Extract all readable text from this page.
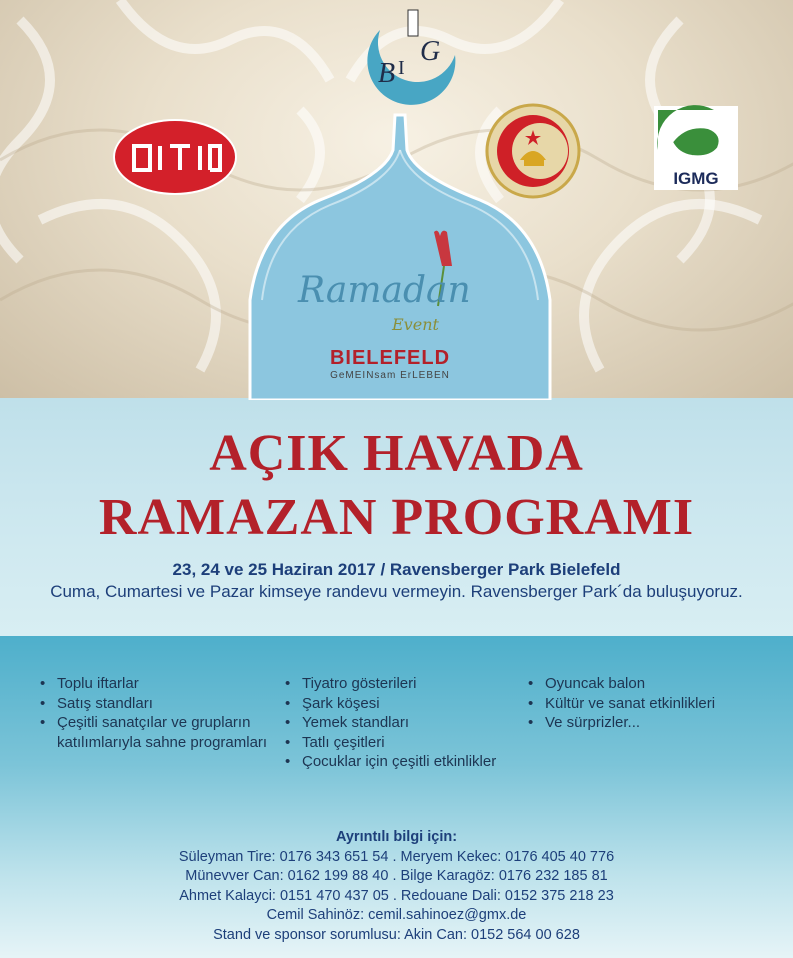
B I
G
IGMG
Ramadan
Event
BIELEFELD
GeMEINsam ErLEBEN
AÇIK HAVADA
RAMAZAN PROGRAMI
23, 24 ve 25 Haziran 2017 / Ravensberger Park Bielefeld
Cuma, Cumartesi ve Pazar kimseye randevu vermeyin. Ravensberger Park´da buluşuyoruz.
• Toplu iftarlar
• Satış standları
• Çeşitli sanatçılar ve grupların katılımlarıyla sahne programları
• Tiyatro gösterileri
• Şark köşesi
• Yemek standları
• Tatlı çeşitleri
• Çocuklar için çeşitli etkinlikler
• Oyuncak balon
• Kültür ve sanat etkinlikleri
• Ve sürprizler...
Ayrıntılı bilgi için:
Süleyman Tire: 0176 343 651 54 . Meryem Kekec: 0176 405 40 776
Münevver Can: 0162 199 88 40 . Bilge Karagöz: 0176 232 185 81
Ahmet Kalayci: 0151 470 437 05 . Redouane Dali: 0152 375 218 23
Cemil Sahinöz: cemil.sahinoez@gmx.de
Stand ve sponsor sorumlusu: Akin Can: 0152 564 00 628
